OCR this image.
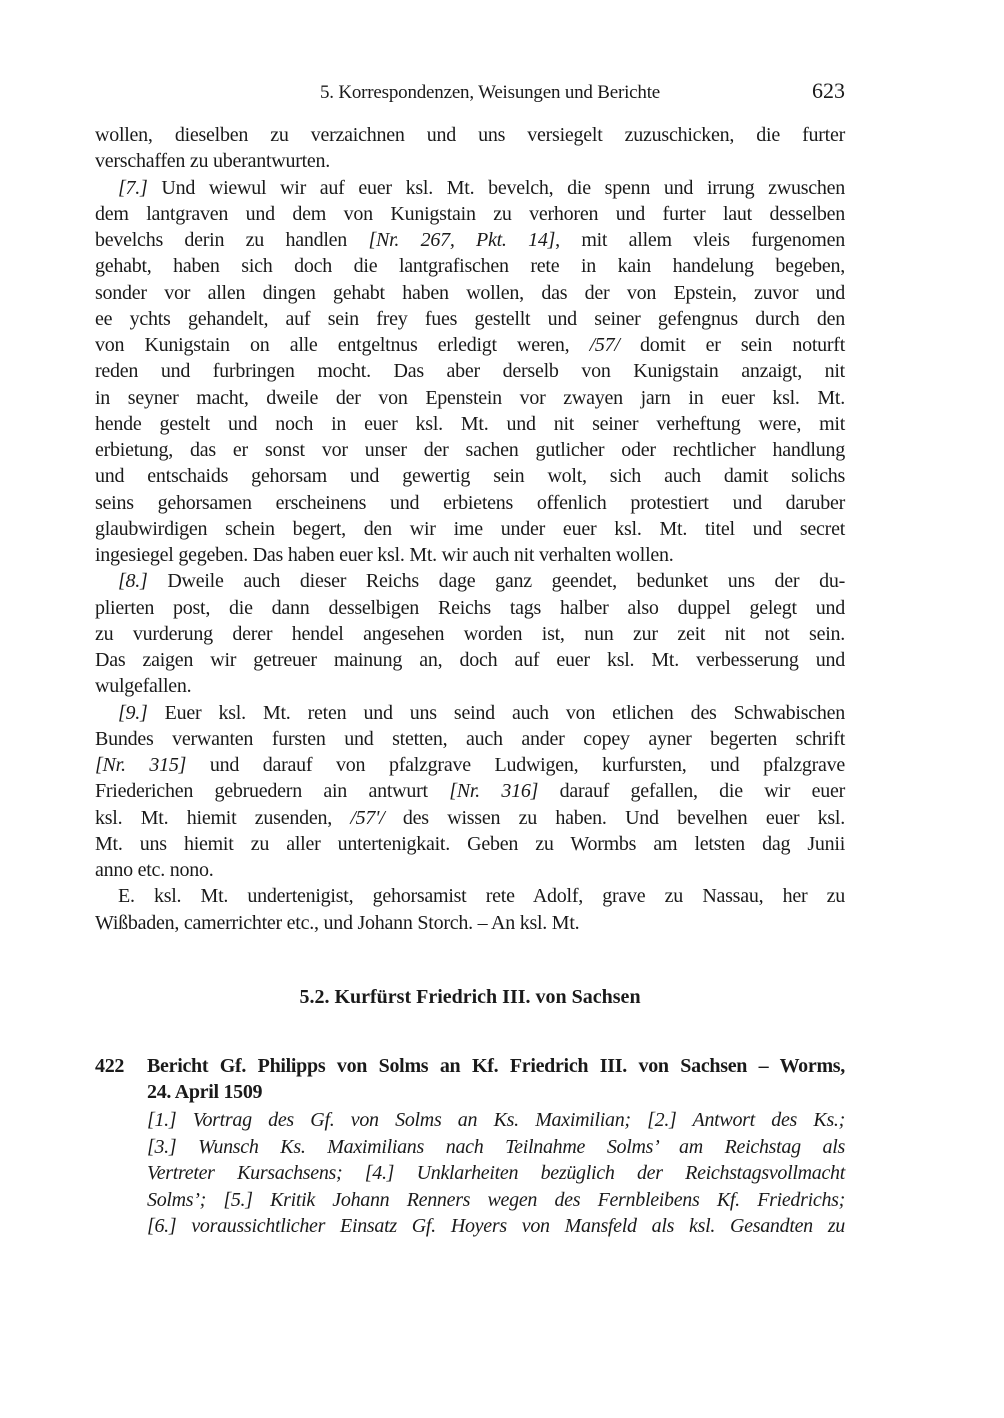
5. Korrespondenzen, Weisungen und Berichte	623
wollen, dieselben zu verzaichnen und uns versiegelt zuzuschicken, die furter
verschaffen zu uberantwurten.
[7.] Und wiewul wir auf euer ksl. Mt. bevelch, die spenn und irrung zwuschen
dem lantgraven und dem von Kunigstain zu verhoren und furter laut desselben
bevelchs derin zu handlen [Nr. 267, Pkt. 14], mit allem vleis furgenomen
gehabt, haben sich doch die lantgrafischen rete in kain handelung begeben,
sonder vor allen dingen gehabt haben wollen, das der von Epstein, zuvor und
ee ychts gehandelt, auf sein frey fues gestellt und seiner gefengnus durch den
von Kunigstain on alle entgeltnus erledigt weren, /57/ domit er sein noturft
reden und furbringen mocht. Das aber derselb von Kunigstain anzaigt, nit
in seyner macht, dweile der von Epenstein vor zwayen jarn in euer ksl. Mt.
hende gestelt und noch in euer ksl. Mt. und nit seiner verheftung were, mit
erbietung, das er sonst vor unser der sachen gutlicher oder rechtlicher handlung
und entschaids gehorsam und gewertig sein wolt, sich auch damit solichs
seins gehorsamen erscheinens und erbietens offenlich protestiert und daruber
glaubwirdigen schein begert, den wir ime under euer ksl. Mt. titel und secret
ingesiegel gegeben. Das haben euer ksl. Mt. wir auch nit verhalten wollen.
[8.] Dweile auch dieser Reichs dage ganz geendet, bedunket uns der du-
plierten post, die dann desselbigen Reichs tags halber also duppel gelegt und
zu vurderung derer hendel angesehen worden ist, nun zur zeit nit not sein.
Das zaigen wir getreuer mainung an, doch auf euer ksl. Mt. verbesserung und
wulgefallen.
[9.] Euer ksl. Mt. reten und uns seind auch von etlichen des Schwabischen
Bundes verwanten fursten und stetten, auch ander copey ayner begerten schrift
[Nr. 315] und darauf von pfalzgrave Ludwigen, kurfursten, und pfalzgrave
Friederichen gebruedern ain antwurt [Nr. 316] darauf gefallen, die wir euer
ksl. Mt. hiemit zusenden, /57'/ des wissen zu haben. Und bevelhen euer ksl.
Mt. uns hiemit zu aller untertenigkait. Geben zu Wormbs am letsten dag Junii
anno etc. nono.
E. ksl. Mt. undertenigist, gehorsamist rete Adolf, grave zu Nassau, her zu
Wißbaden, camerrichter etc., und Johann Storch. – An ksl. Mt.
5.2. Kurfürst Friedrich III. von Sachsen
422 Bericht Gf. Philipps von Solms an Kf. Friedrich III. von Sachsen – Worms,
24. April 1509
[1.] Vortrag des Gf. von Solms an Ks. Maximilian; [2.] Antwort des Ks.;
[3.] Wunsch Ks. Maximilians nach Teilnahme Solms’ am Reichstag als
Vertreter Kursachsens; [4.] Unklarheiten bezüglich der Reichstagsvollmacht
Solms’; [5.] Kritik Johann Renners wegen des Fernbleibens Kf. Friedrichs;
[6.] voraussichtlicher Einsatz Gf. Hoyers von Mansfeld als ksl. Gesandten zu
